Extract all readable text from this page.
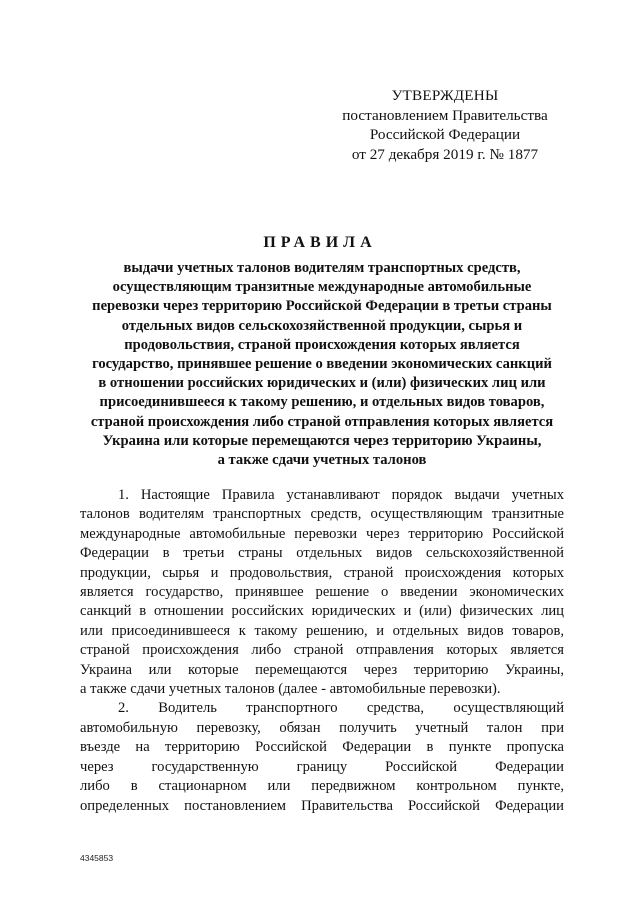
УТВЕРЖДЕНЫ
постановлением Правительства
Российской Федерации
от 27 декабря 2019 г. № 1877
ПРАВИЛА
выдачи учетных талонов водителям транспортных средств,
осуществляющим транзитные международные автомобильные
перевозки через территорию Российской Федерации в третьи страны
отдельных видов сельскохозяйственной продукции, сырья и
продовольствия, страной происхождения которых является
государство, принявшее решение о введении экономических санкций
в отношении российских юридических и (или) физических лиц или
присоединившееся к такому решению, и отдельных видов товаров,
страной происхождения либо страной отправления которых является
Украина или которые перемещаются через территорию Украины,
а также сдачи учетных талонов
1. Настоящие Правила устанавливают порядок выдачи учетных
талонов водителям транспортных средств, осуществляющим транзитные
международные автомобильные перевозки через территорию Российской
Федерации в третьи страны отдельных видов сельскохозяйственной
продукции, сырья и продовольствия, страной происхождения которых
является государство, принявшее решение о введении экономических
санкций в отношении российских юридических и (или) физических лиц
или присоединившееся к такому решению, и отдельных видов товаров,
страной происхождения либо страной отправления которых является
Украина или которые перемещаются через территорию Украины,
а также сдачи учетных талонов (далее - автомобильные перевозки).
2. Водитель транспортного средства, осуществляющий
автомобильную перевозку, обязан получить учетный талон при
въезде на территорию Российской Федерации в пункте пропуска
через государственную границу Российской Федерации
либо в стационарном или передвижном контрольном пункте,
определенных постановлением Правительства Российской Федерации
4345853
